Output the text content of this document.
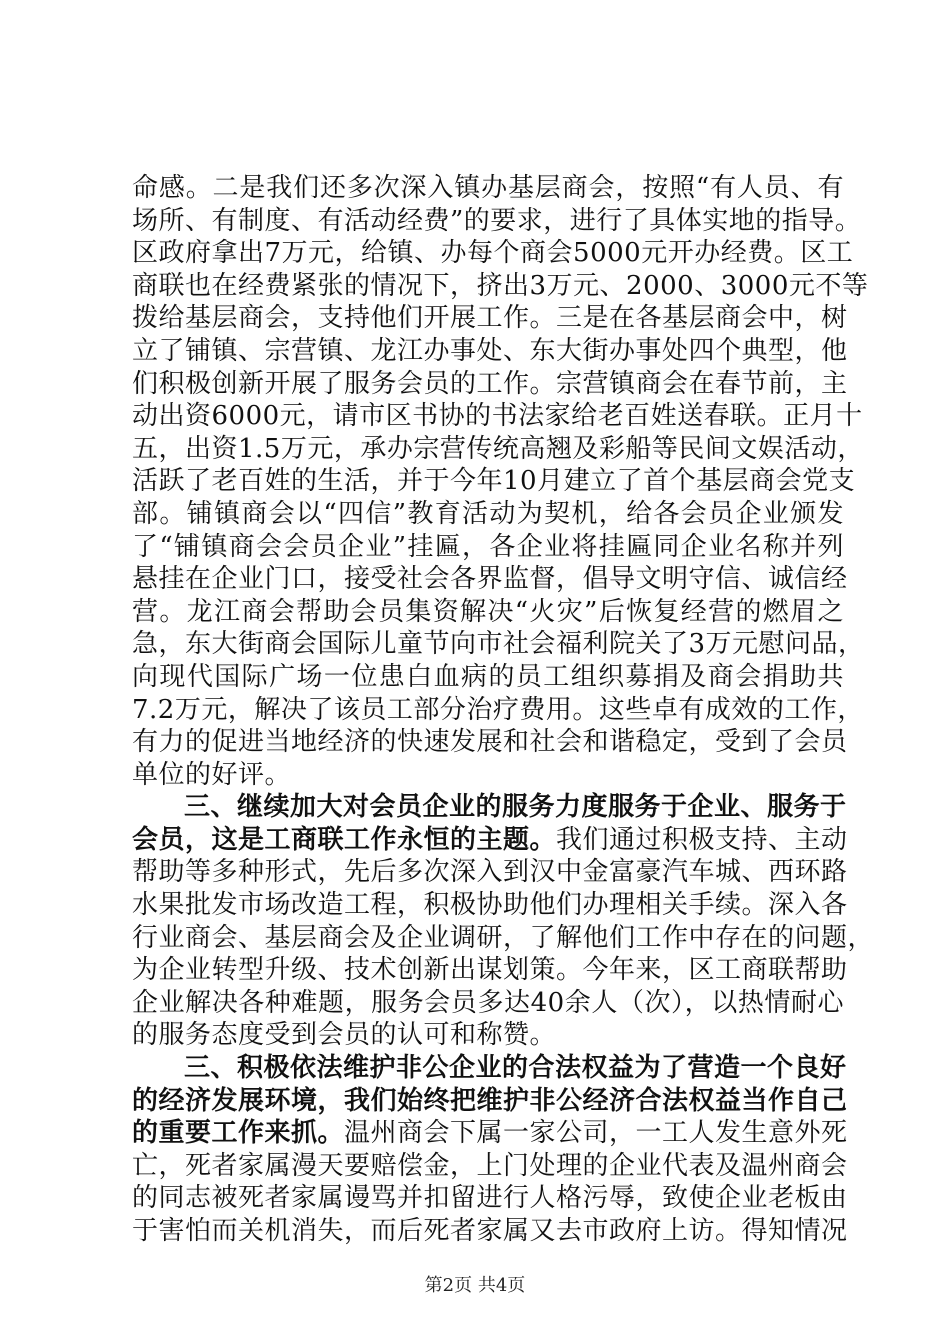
命感。二是我们还多次深入镇办基层商会，按照“有人员、有
场所、有制度、有活动经费”的要求，进行了具体实地的指导。
区政府拿出7万元，给镇、办每个商会5000元开办经费。区工
商联也在经费紧张的情况下，挤出3万元、2000、3000元不等
拨给基层商会，支持他们开展工作。三是在各基层商会中，树
立了铺镇、宗营镇、龙江办事处、东大街办事处四个典型，他
们积极创新开展了服务会员的工作。宗营镇商会在春节前，主
动出资6000元，请市区书协的书法家给老百姓送春联。正月十
五，出资1.5万元，承办宗营传统高翘及彩船等民间文娱活动，
活跃了老百姓的生活，并于今年10月建立了首个基层商会党支
部。铺镇商会以“四信”教育活动为契机，给各会员企业颁发
了“铺镇商会会员企业”挂匾，各企业将挂匾同企业名称并列
悬挂在企业门口，接受社会各界监督，倡导文明守信、诚信经
营。龙江商会帮助会员集资解决“火灾”后恢复经营的燃眉之
急，东大街商会国际儿童节向市社会福利院关了3万元慰问品，
向现代国际广场一位患白血病的员工组织募捐及商会捐助共
7.2万元，解决了该员工部分治疗费用。这些卓有成效的工作，
有力的促进当地经济的快速发展和社会和谐稳定，受到了会员
单位的好评。
三、继续加大对会员企业的服务力度服务于企业、服务于
会员，这是工商联工作永恒的主题。我们通过积极支持、主动
帮助等多种形式，先后多次深入到汉中金富豪汽车城、西环路
水果批发市场改造工程，积极协助他们办理相关手续。深入各
行业商会、基层商会及企业调研，了解他们工作中存在的问题，
为企业转型升级、技术创新出谋划策。今年来，区工商联帮助
企业解决各种难题，服务会员多达40余人（次），以热情耐心
的服务态度受到会员的认可和称赞。
三、积极依法维护非公企业的合法权益为了营造一个良好
的经济发展环境，我们始终把维护非公经济合法权益当作自己
的重要工作来抓。温州商会下属一家公司，一工人发生意外死
亡，死者家属漫天要赔偿金，上门处理的企业代表及温州商会
的同志被死者家属谩骂并扣留进行人格污辱，致使企业老板由
于害怕而关机消失，而后死者家属又去市政府上访。得知情况
第2页 共4页
